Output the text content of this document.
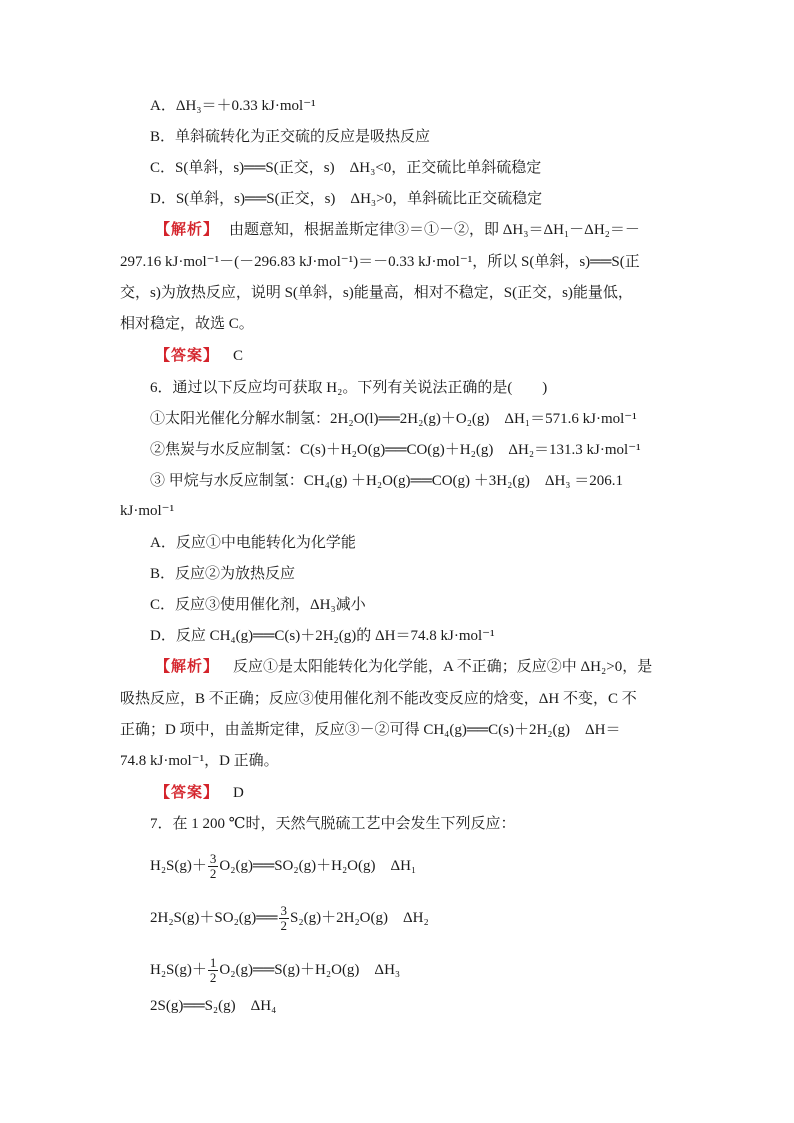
A．ΔH₃＝＋0.33 kJ·mol⁻¹
B．单斜硫转化为正交硫的反应是吸热反应
C．S(单斜，s)══S(正交，s)　ΔH₃<0，正交硫比单斜硫稳定
D．S(单斜，s)══S(正交，s)　ΔH₃>0，单斜硫比正交硫稳定
【解析】 由题意知，根据盖斯定律③＝①－②，即 ΔH₃＝ΔH₁－ΔH₂＝－
297.16 kJ·mol⁻¹－(－296.83 kJ·mol⁻¹)＝－0.33 kJ·mol⁻¹，所以 S(单斜，s)══S(正
交，s)为放热反应，说明 S(单斜，s)能量高，相对不稳定，S(正交，s)能量低，
相对稳定，故选 C。
【答案】 C
6．通过以下反应均可获取 H₂。下列有关说法正确的是(　　)
①太阳光催化分解水制氢：2H₂O(l)══2H₂(g)＋O₂(g)　ΔH₁＝571.6 kJ·mol⁻¹
②焦炭与水反应制氢：C(s)＋H₂O(g)══CO(g)＋H₂(g)　ΔH₂＝131.3 kJ·mol⁻¹
③ 甲烷与水反应制氢：CH₄(g) ＋H₂O(g)══CO(g) ＋3H₂(g)　ΔH₃ ＝206.1
kJ·mol⁻¹
A．反应①中电能转化为化学能
B．反应②为放热反应
C．反应③使用催化剂，ΔH₃减小
D．反应 CH₄(g)══C(s)＋2H₂(g)的 ΔH＝74.8 kJ·mol⁻¹
【解析】 反应①是太阳能转化为化学能，A 不正确；反应②中 ΔH₂>0，是
吸热反应，B 不正确；反应③使用催化剂不能改变反应的焓变，ΔH 不变，C 不
正确；D 项中，由盖斯定律，反应③－②可得 CH₄(g)══C(s)＋2H₂(g)　ΔH＝
74.8 kJ·mol⁻¹，D 正确。
【答案】 D
7．在 1 200 ℃时，天然气脱硫工艺中会发生下列反应：
$H_2S(g)+ \frac{3}{2}$ O₂(g)══SO₂(g)＋H₂O(g)　ΔH₁
2H₂S(g)＋SO₂(g)══ $\frac{3}{2} S_2(g)+2H_2O(g)$　ΔH₂
$H_2S(g)+ \frac{1}{2}$ O₂(g)══S(g)＋H₂O(g)　ΔH₃
2S(g)══S₂(g)　ΔH₄
